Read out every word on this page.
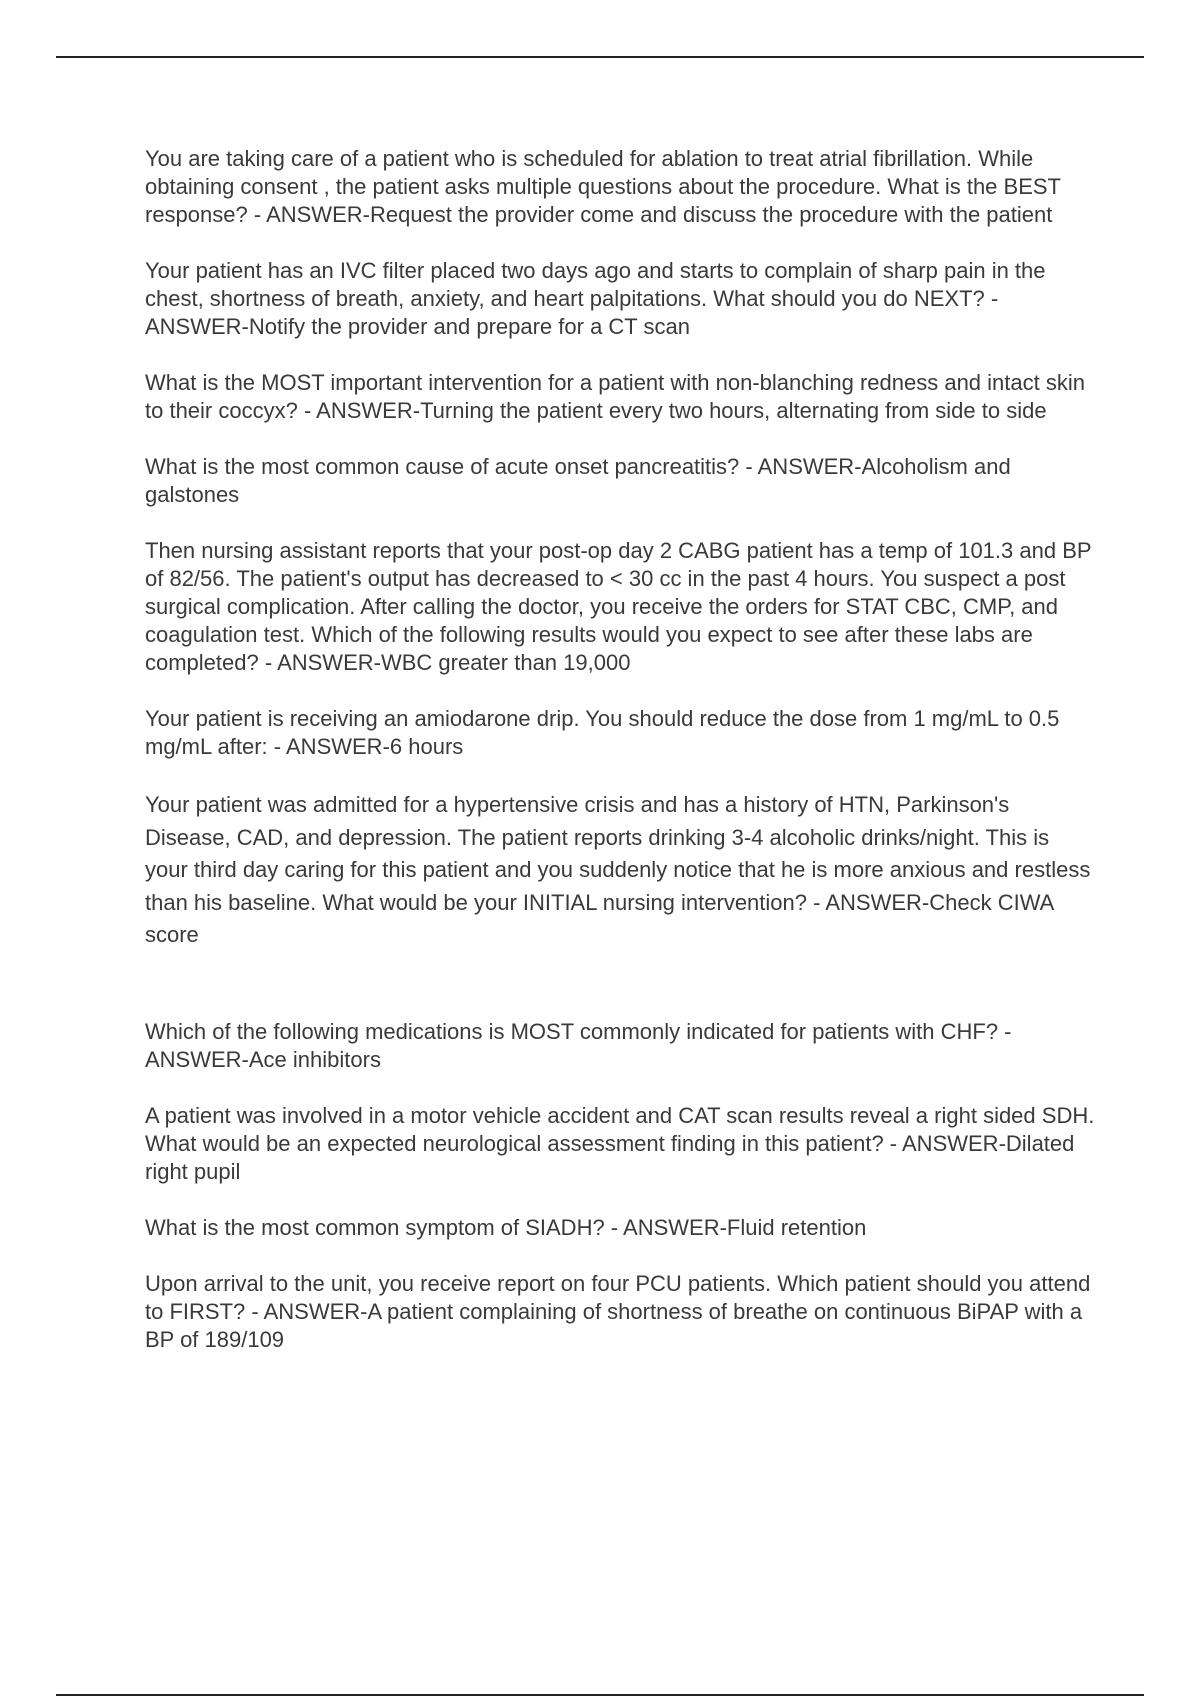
You are taking care of a patient who is scheduled for ablation to treat atrial fibrillation. While obtaining consent , the patient asks multiple questions about the procedure. What is the BEST response? - ANSWER-Request the provider come and discuss the procedure with the patient

Your patient has an IVC filter placed two days ago and starts to complain of sharp pain in the chest, shortness of breath, anxiety, and heart palpitations. What should you do NEXT? - ANSWER-Notify the provider and prepare for a CT scan

What is the MOST important intervention for a patient with non-blanching redness and intact skin to their coccyx? - ANSWER-Turning the patient every two hours, alternating from side to side

What is the most common cause of acute onset pancreatitis? - ANSWER-Alcoholism and galstones

Then nursing assistant reports that your post-op day 2 CABG patient has a temp of 101.3 and BP of 82/56. The patient's output has decreased to < 30 cc in the past 4 hours. You suspect a post surgical complication. After calling the doctor, you receive the orders for STAT CBC, CMP, and coagulation test. Which of the following results would you expect to see after these labs are completed? - ANSWER-WBC greater than 19,000

Your patient is receiving an amiodarone drip. You should reduce the dose from 1 mg/mL to 0.5 mg/mL after: - ANSWER-6 hours

Your patient was admitted for a hypertensive crisis and has a history of HTN, Parkinson's Disease, CAD, and depression. The patient reports drinking 3-4 alcoholic drinks/night. This is your third day caring for this patient and you suddenly notice that he is more anxious and restless than his baseline. What would be your INITIAL nursing intervention? - ANSWER-Check CIWA score

Which of the following medications is MOST commonly indicated for patients with CHF? - ANSWER-Ace inhibitors

A patient was involved in a motor vehicle accident and CAT scan results reveal a right sided SDH. What would be an expected neurological assessment finding in this patient? - ANSWER-Dilated right pupil

What is the most common symptom of SIADH? - ANSWER-Fluid retention

Upon arrival to the unit, you receive report on four PCU patients. Which patient should you attend to FIRST? - ANSWER-A patient complaining of shortness of breathe on continuous BiPAP with a BP of 189/109
